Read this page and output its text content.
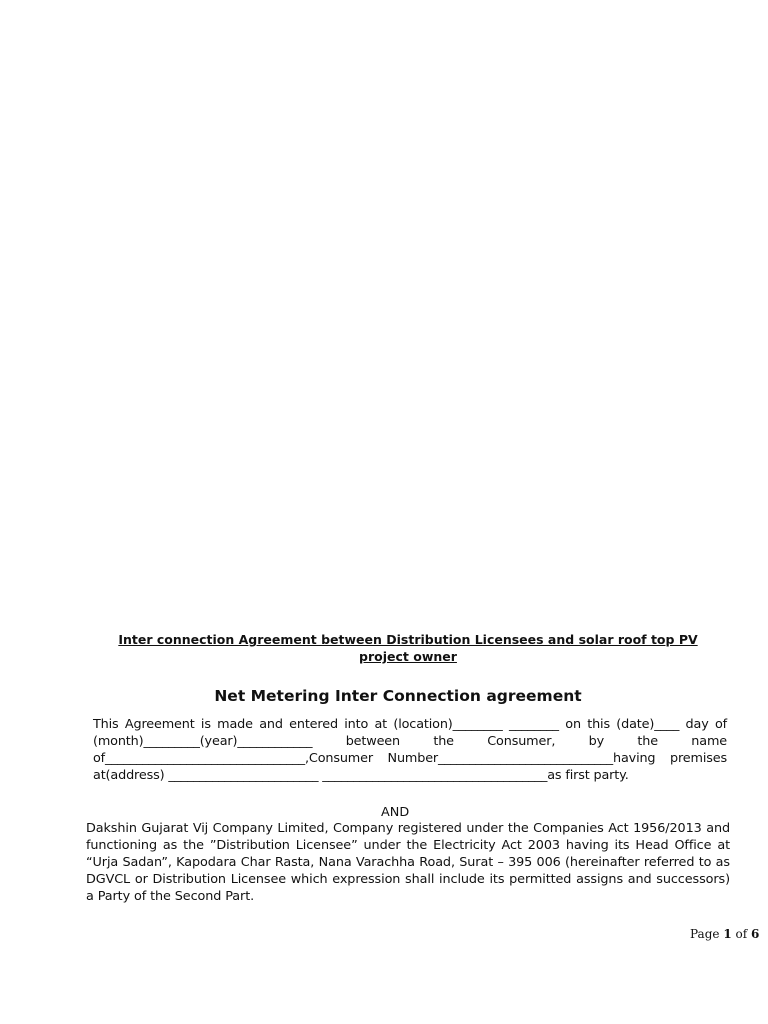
Inter connection Agreement between Distribution Licensees and solar roof top PV
project owner

Net Metering Inter Connection agreement

This Agreement is made and entered into at (location)________ ________ on this (date)____ day of (month)_________(year)____________ between the Consumer, by the name of________________________________,Consumer Number____________________________having premises at(address) ________________________ ____________________________________as first party.

AND

Dakshin Gujarat Vij Company Limited, Company registered under the Companies Act 1956/2013 and functioning as the ”Distribution Licensee” under the Electricity Act 2003 having its Head Office at “Urja Sadan”, Kapodara Char Rasta, Nana Varachha Road, Surat – 395 006 (hereinafter referred to as DGVCL or Distribution Licensee which expression shall include its permitted assigns and successors) a Party of the Second Part.

Page 1 of 6
